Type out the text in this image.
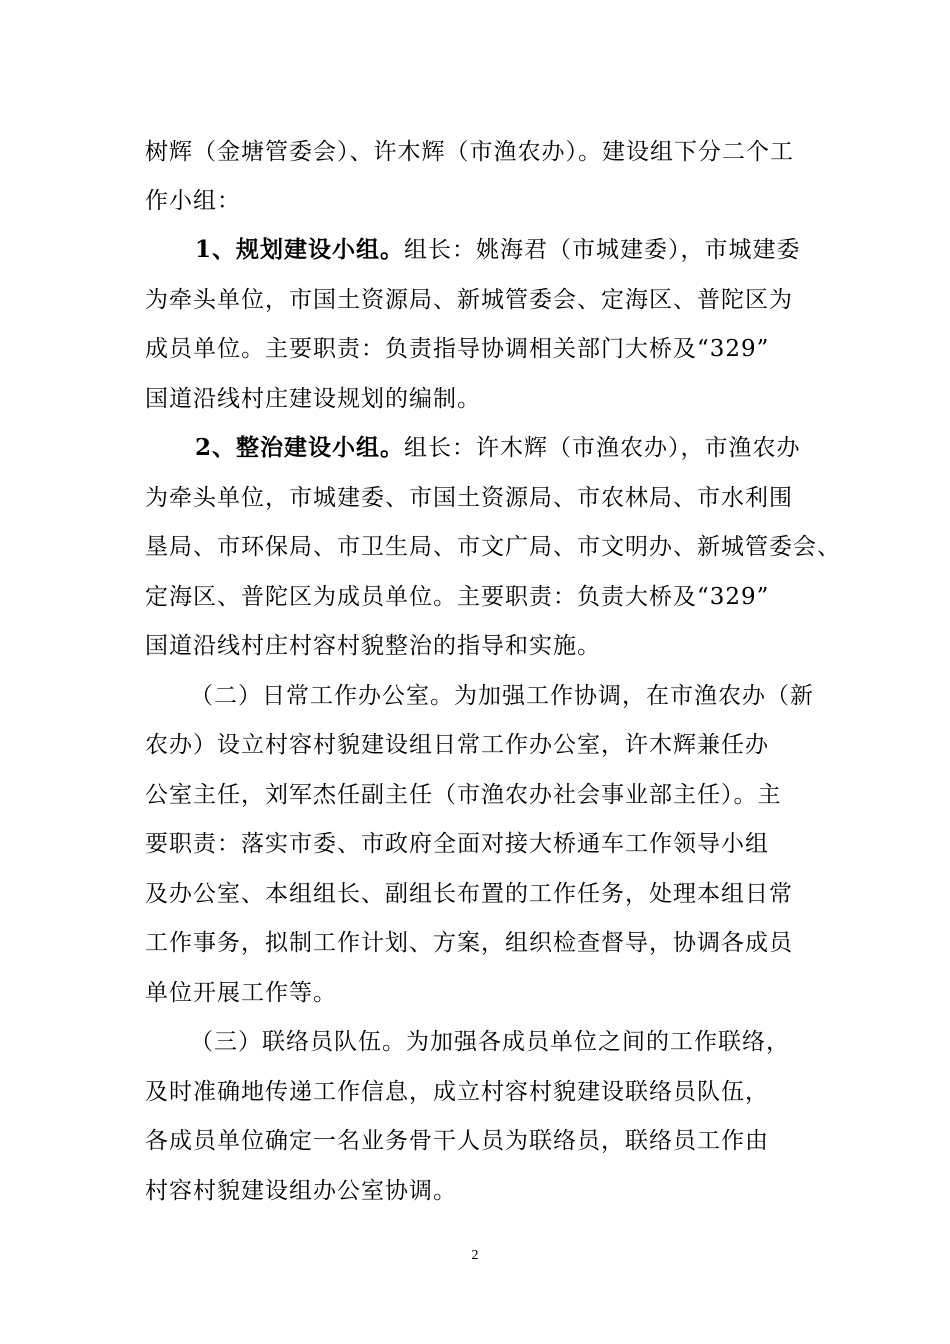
树辉（金塘管委会）、许木辉（市渔农办）。建设组下分二个工
作小组：
1、规划建设小组。组长：姚海君（市城建委），市城建委
为牵头单位，市国土资源局、新城管委会、定海区、普陀区为
成员单位。主要职责：负责指导协调相关部门大桥及“329”
国道沿线村庄建设规划的编制。
2、整治建设小组。组长：许木辉（市渔农办），市渔农办
为牵头单位，市城建委、市国土资源局、市农林局、市水利围
垦局、市环保局、市卫生局、市文广局、市文明办、新城管委会、
定海区、普陀区为成员单位。主要职责：负责大桥及“329”
国道沿线村庄村容村貌整治的指导和实施。
（二）日常工作办公室。为加强工作协调，在市渔农办（新
农办）设立村容村貌建设组日常工作办公室，许木辉兼任办
公室主任，刘军杰任副主任（市渔农办社会事业部主任）。主
要职责：落实市委、市政府全面对接大桥通车工作领导小组
及办公室、本组组长、副组长布置的工作任务，处理本组日常
工作事务，拟制工作计划、方案，组织检查督导，协调各成员
单位开展工作等。
（三）联络员队伍。为加强各成员单位之间的工作联络，
及时准确地传递工作信息，成立村容村貌建设联络员队伍，
各成员单位确定一名业务骨干人员为联络员，联络员工作由
村容村貌建设组办公室协调。
2
